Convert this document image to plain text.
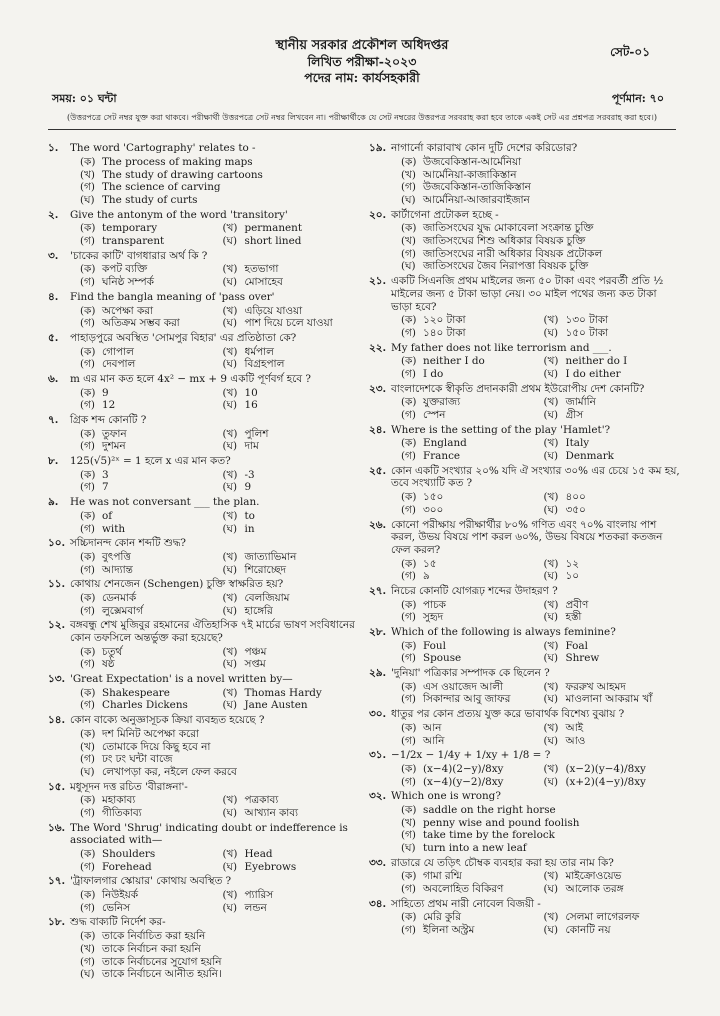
সেট-০১
স্থানীয় সরকার প্রকৌশল অধিদপ্তর
লিখিত পরীক্ষা-২০২৩
পদের নাম: কার্যসহকারী
সময়: ০১ ঘন্টা	পূর্ণমান: ৭০
(উত্তরপত্রে সেট নম্বর যুক্ত করা থাকবে। পরীক্ষার্থী উত্তরপত্রে সেট নম্বর লিখবেন না। পরীক্ষার্থীকে যে সেট নম্বরের উত্তরপত্র সরবরাহ করা হবে তাকে একই সেট এর প্রশ্নপত্র সরবরাহ করা হবে।)
১.	The word 'Cartography' relates to -
(ক) The process of making maps
(খ) The study of drawing cartoons
(গ) The science of carving
(ঘ) The study of curts
২.	Give the antonym of the word 'transitory'
(ক) temporary	(খ) permanent
(গ) transparent	(ঘ) short lined
৩.	'চাকের কাটি' বাগধারার অর্থ কি ?
(ক) কপট ব্যক্তি	(খ) হতভাগা
(গ) ঘনিষ্ঠ সম্পর্ক	(ঘ) মোসাহেব
৪.	Find the bangla meaning of 'pass over'
(ক) অপেক্ষা করা	(খ) এড়িয়ে যাওয়া
(গ) অতিক্রম সম্ভব করা	(ঘ) পাশ দিয়ে চলে যাওয়া
৫.	পাহাড়পুরে অবস্থিত 'সোমপুর বিহার' এর প্রতিষ্ঠাতা কে?
(ক) গোপাল	(খ) ধর্মপাল
(গ) দেবপাল	(ঘ) বিগ্রহপাল
৬.	m এর মান কত হলে 4x² − mx + 9 একটি পূর্ণবর্গ হবে ?
(ক) 9	(খ) 10
(গ) 12	(ঘ) 16
৭.	গ্রিক শব্দ কোনটি ?
(ক) তুফান	(খ) পুলিশ
(গ) দুশমন	(ঘ) দাম
৮.	125(√5)²ˣ = 1 হলে x এর মান কত?
(ক) 3	(খ) -3
(গ) 7	(ঘ) 9
৯.	He was not conversant ___ the plan.
(ক) of	(খ) to
(গ) with	(ঘ) in
১০. সচ্চিদানন্দ কোন শব্দটি শুদ্ধ?
(ক) বুৎপত্তি	(খ) জাত্যাভিমান
(গ) আদ্যান্ত	(ঘ) শিরোচ্ছেদ
১১. কোথায় শেনজেন (Schengen) চুক্তি স্বাক্ষরিত হয়?
(ক) ডেনমার্ক	(খ) বেলজিয়াম
(গ) লুক্সেমবার্গ	(ঘ) হাঙ্গেরি
১২. বঙ্গবন্ধু শেখ মুজিবুর রহমানের ঐতিহাসিক ৭ই মার্চের ভাষণ সংবিধানের কোন তফসিলে অন্তর্ভুক্ত করা হয়েছে?
(ক) চতুর্থ	(খ) পঞ্চম
(গ) ষষ্ঠ	(ঘ) সপ্তম
১৩. 'Great Expectation' is a novel written by—
(ক) Shakespeare	(খ) Thomas Hardy
(গ) Charles Dickens	(ঘ) Jane Austen
১৪. কোন বাক্যে অনুজ্ঞাসূচক ক্রিয়া ব্যবহৃত হয়েছে ?
(ক) দশ মিনিট অপেক্ষা করো
(খ) তোমাকে দিয়ে কিছু হবে না
(গ) ঢং ঢং ঘন্টা বাজে
(ঘ) লেখাপড়া কর, নইলে ফেল করবে
১৫. মধুসূদন দত্ত রচিত 'বীরাঙ্গনা'-
(ক) মহাকাব্য	(খ) পত্রকাব্য
(গ) গীতিকাব্য	(ঘ) আখ্যান কাব্য
১৬. The Word 'Shrug' indicating doubt or indefference is associated with—
(ক) Shoulders	(খ) Head
(গ) Forehead	(ঘ) Eyebrows
১৭. 'ট্রাফালগার স্কোয়ার' কোথায় অবস্থিত ?
(ক) নিউইয়র্ক	(খ) প্যারিস
(গ) ভেনিস	(ঘ) লন্ডন
১৮. শুদ্ধ বাক্যটি নির্দেশ কর-
(ক) তাকে নির্বাচিত করা হয়নি
(খ) তাকে নির্বাচন করা হয়নি
(গ) তাকে নির্বাচনের সুযোগ হয়নি
(ঘ) তাকে নির্বাচনে আনীত হয়নি।
১৯. নাগার্নো কারাবাখ কোন দুটি দেশের করিডোর?
(ক) উজবেকিস্তান-আর্মেনিয়া
(খ) আর্মেনিয়া-কাজাকিস্তান
(গ) উজবেকিস্তান-তাজিকিস্তান
(ঘ) আর্মেনিয়া-আজারবাইজান
২০. কার্টাগেনা প্রটোকল হচ্ছে -
(ক) জাতিসংঘের যুদ্ধ মোকাবেলা সংক্রান্ত চুক্তি
(খ) জাতিসংঘের শিশু অধিকার বিষয়ক চুক্তি
(গ) জাতিসংঘের নারী অধিকার বিষয়ক প্রটোকল
(ঘ) জাতিসংঘের জৈব নিরাপত্তা বিষয়ক চুক্তি
২১. একটি সিএনজি প্রথম মাইলের জন্য ৫০ টাকা এবং পরবর্তী প্রতি ½ মাইলের জন্য ৫ টাকা ভাড়া নেয়। ৩০ মাইল পথের জন্য কত টাকা ভাড়া হবে?
(ক) ১২০ টাকা	(খ) ১৩০ টাকা
(গ) ১৪০ টাকা	(ঘ) ১৫০ টাকা
২২. My father does not like terrorism and ___.
(ক) neither I do	(খ) neither do I
(গ) I do	(ঘ) I do either
২৩. বাংলাদেশকে স্বীকৃতি প্রদানকারী প্রথম ইউরোপীয় দেশ কোনটি?
(ক) যুক্তরাজ্য	(খ) জার্মানি
(গ) স্পেন	(ঘ) গ্রীস
২৪. Where is the setting of the play 'Hamlet'?
(ক) England	(খ) Italy
(গ) France	(ঘ) Denmark
২৫. কোন একটি সংখ্যার ২০% যদি ঐ সংখ্যার ৩০% এর চেয়ে ১৫ কম হয়, তবে সংখ্যাটি কত ?
(ক) ১৫০	(খ) ৪০০
(গ) ৩০০	(ঘ) ৩৫০
২৬. কোনো পরীক্ষায় পরীক্ষার্থীর ৮০% গণিত এবং ৭০% বাংলায় পাশ করল, উভয় বিষয়ে পাশ করল ৬০%, উভয় বিষয়ে শতকরা কতজন ফেল করল?
(ক) ১৫	(খ) ১২
(গ) ৯	(ঘ) ১০
২৭. নিচের কোনটি যোগরূঢ় শব্দের উদাহরণ ?
(ক) পাচক	(খ) প্রবীণ
(গ) সুহৃদ	(ঘ) হস্তী
২৮. Which of the following is always feminine?
(ক) Foul	(খ) Foal
(গ) Spouse	(ঘ) Shrew
২৯. 'দুনিয়া' পত্রিকার সম্পাদক কে ছিলেন ?
(ক) এস ওয়াজেদ আলী	(খ) ফররুখ আহমদ
(গ) সিকান্দার আবু জাফর	(ঘ) মাওলানা আকরাম খাঁ
৩০. ধাতুর পর কোন প্রত্যয় যুক্ত করে ভাবার্থক বিশেষ্য বুঝায় ?
(ক) আন	(খ) আই
(গ) আনি	(ঘ) আও
৩১. −1/2x − 1/4y + 1/xy + 1/8 = ?
(ক) (x−4)(2−y)/8xy	(খ) (x−2)(y−4)/8xy
(গ) (x−4)(y−2)/8xy	(ঘ) (x+2)(4−y)/8xy
৩২. Which one is wrong?
(ক) saddle on the right horse
(খ) penny wise and pound foolish
(গ) take time by the forelock
(ঘ) turn into a new leaf
৩৩. রাডারে যে তড়িৎ চৌম্বক ব্যবহার করা হয় তার নাম কি?
(ক) গামা রশ্মি	(খ) মাইক্রোওয়েভ
(গ) অবলোহিত বিকিরণ	(ঘ) আলোক তরঙ্গ
৩৪. সাহিত্যে প্রথম নারী নোবেল বিজয়ী -
(ক) মেরি কুরি	(খ) সেলমা লাগেরলফ
(গ) ইলিনা অস্ট্রম	(ঘ) কোনটি নয়
